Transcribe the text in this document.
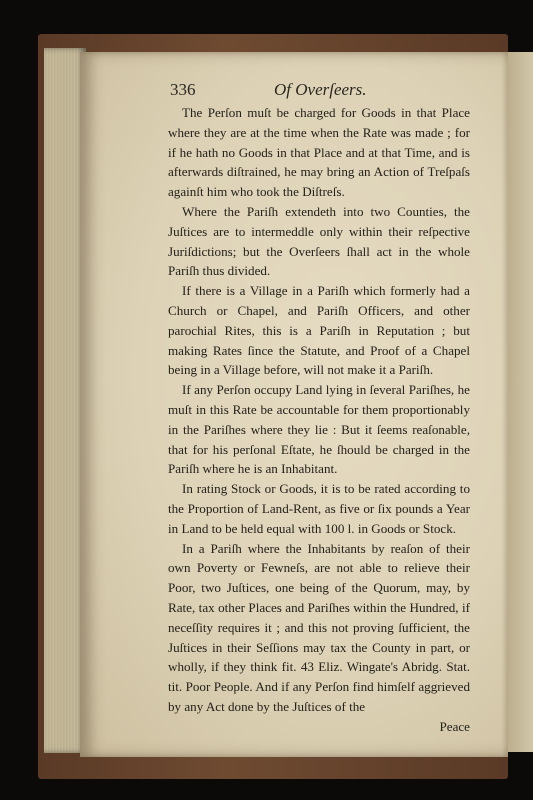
336	Of Overſeers.

The Perſon muſt be charged for Goods in that Place where they are at the time when the Rate was made ; for if he hath no Goods in that Place and at that Time, and is afterwards diſtrained, he may bring an Action of Treſpaſs againſt him who took the Diſtreſs.

Where the Pariſh extendeth into two Counties, the Juſtices are to intermeddle only within their reſpective Juriſdictions; but the Overſeers ſhall act in the whole Pariſh thus divided.

If there is a Village in a Pariſh which formerly had a Church or Chapel, and Pariſh Officers, and other parochial Rites, this is a Pariſh in Reputation ; but making Rates ſince the Statute, and Proof of a Chapel being in a Village before, will not make it a Pariſh.

If any Perſon occupy Land lying in ſeveral Pariſhes, he muſt in this Rate be accountable for them proportionably in the Pariſhes where they lie : But it ſeems reaſonable, that for his perſonal Eſtate, he ſhould be charged in the Pariſh where he is an Inhabitant.

In rating Stock or Goods, it is to be rated according to the Proportion of Land-Rent, as five or ſix pounds a Year in Land to be held equal with 100 l. in Goods or Stock.

In a Pariſh where the Inhabitants by reaſon of their own Poverty or Fewneſs, are not able to relieve their Poor, two Juſtices, one being of the Quorum, may, by Rate, tax other Places and Pariſhes within the Hundred, if neceſſity requires it ; and this not proving ſufficient, the Juſtices in their Seſſions may tax the County in part, or wholly, if they think fit. 43 Eliz. Wingate's Abridg. Stat. tit. Poor People. And if any Perſon find himſelf aggrieved by any Act done by the Juſtices of the

Peace
